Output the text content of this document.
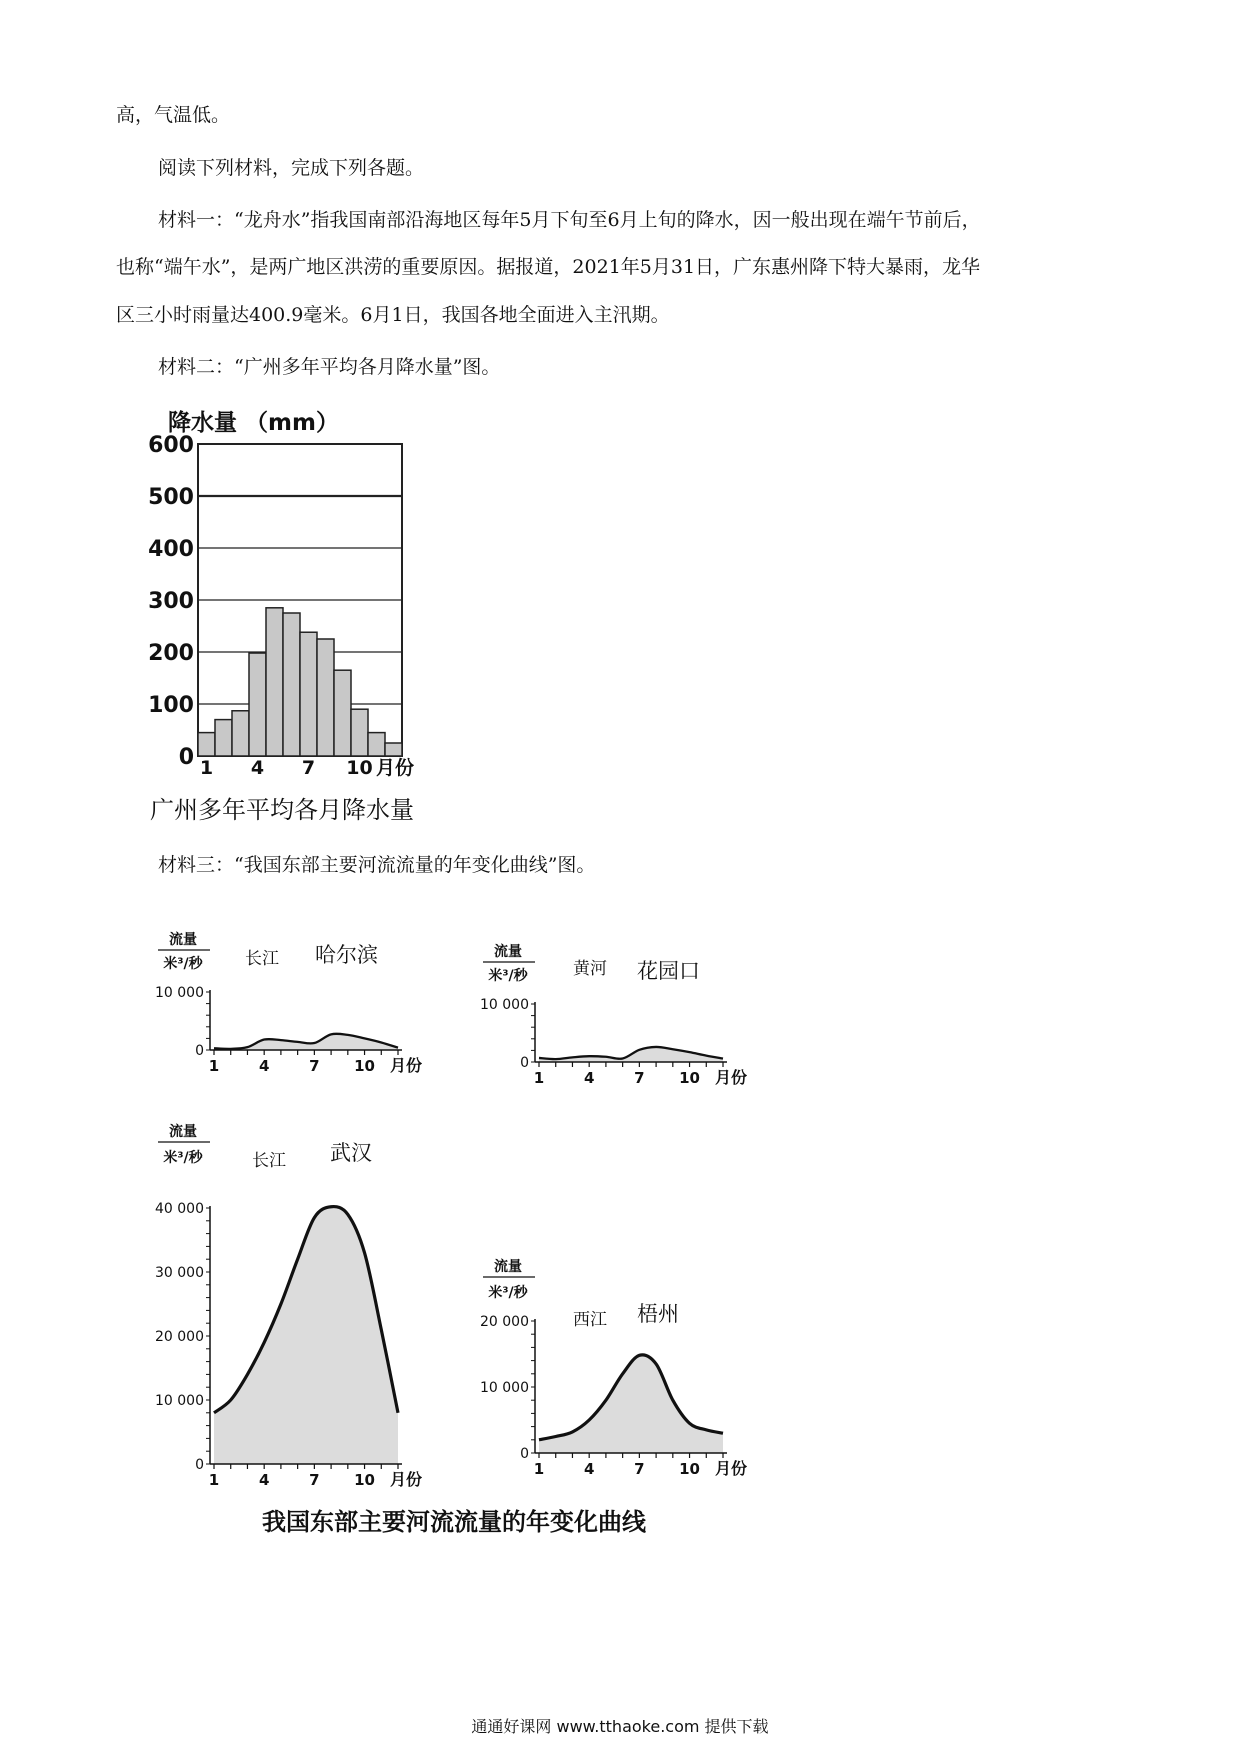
高，气温低。
阅读下列材料，完成下列各题。
材料一：“龙舟水”指我国南部沿海地区每年5月下旬至6月上旬的降水，因一般出现在端午节前后，
也称“端午水”，是两广地区洪涝的重要原因。据报道，2021年5月31日，广东惠州降下特大暴雨，龙华
区三小时雨量达400.9毫米。6月1日，我国各地全面进入主汛期。
材料二：“广州多年平均各月降水量”图。
降水量 （mm）
0
100
200
300
400
500
600
1 4 7 10 月份
广州多年平均各月降水量
材料三：“我国东部主要河流流量的年变化曲线”图。
流量
米³/秒 长江 哈尔滨
0
10 000
1	4	7 10 月份
流量
米³/秒	黄河 花园口
0
10 000
1	4	7 10 月份
流量
米³/秒	长江 武汉
0
10 000
20 000
30 000
40 000
1	4	7 10 月份
流量
米³/秒
西江 梧州
0
10 000
20 000
1	4	7 10 月份
我国东部主要河流流量的年变化曲线
通通好课网 www.tthaoke.com 提供下载
